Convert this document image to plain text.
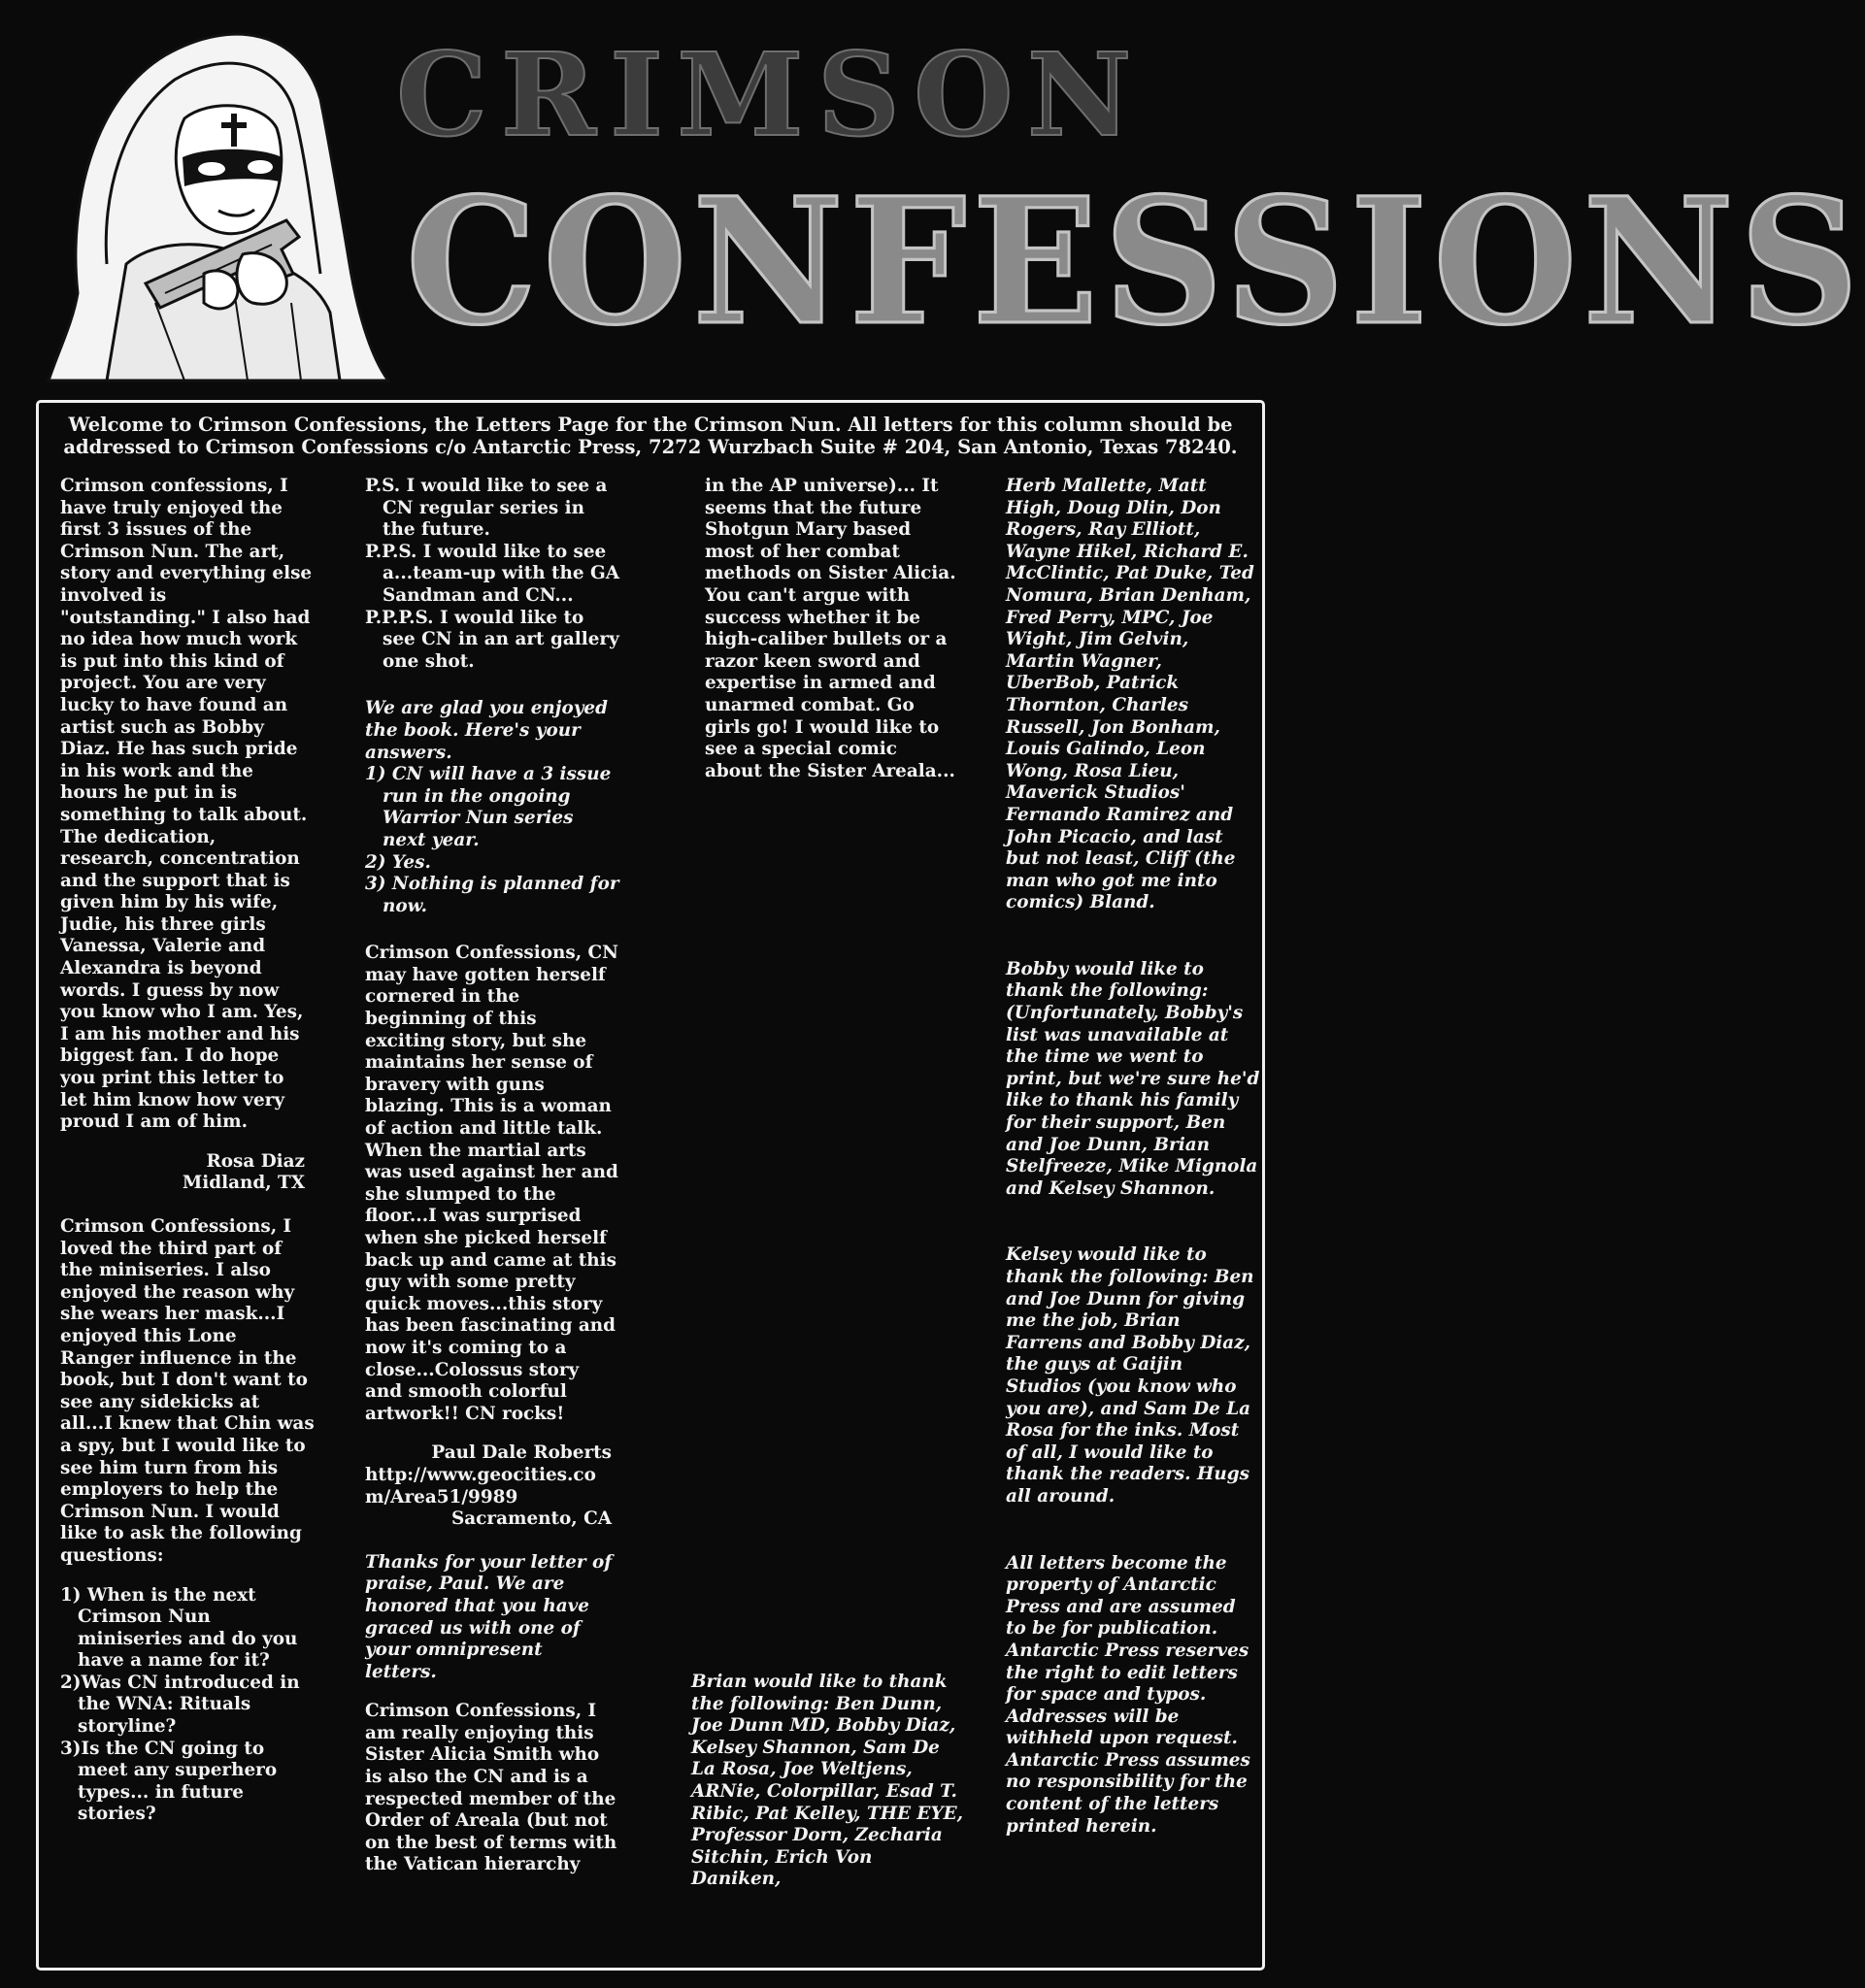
CRIMSON
CONFESSIONS
Welcome to Crimson Confessions, the Letters Page for the Crimson Nun. All letters for this column should be addressed to Crimson Confessions c/o Antarctic Press, 7272 Wurzbach Suite # 204, San Antonio, Texas 78240.

Crimson confessions, I have truly enjoyed the first 3 issues of the Crimson Nun. The art, story and everything else involved is "outstanding." I also had no idea how much work is put into this kind of project. You are very lucky to have found an artist such as Bobby Diaz. He has such pride in his work and the hours he put in is something to talk about. The dedication, research, concentration and the support that is given him by his wife, Judie, his three girls Vanessa, Valerie and Alexandra is beyond words. I guess by now you know who I am. Yes, I am his mother and his biggest fan. I do hope you print this letter to let him know how very proud I am of him.

Rosa Diaz
Midland, TX

Crimson Confessions, I loved the third part of the miniseries. I also enjoyed the reason why she wears her mask...I enjoyed this Lone Ranger influence in the book, but I don't want to see any sidekicks at all...I knew that Chin was a spy, but I would like to see him turn from his employers to help the Crimson Nun. I would like to ask the following questions:

1) When is the next Crimson Nun miniseries and do you have a name for it?
2)Was CN introduced in the WNA: Rituals storyline?
3)Is the CN going to meet any superhero types... in future stories?
P.S. I would like to see a CN regular series in the future.
P.P.S. I would like to see a...team-up with the GA Sandman and CN...
P.P.P.S. I would like to see CN in an art gallery one shot.

We are glad you enjoyed the book. Here's your answers.

1) CN will have a 3 issue run in the ongoing Warrior Nun series next year.
2) Yes.
3) Nothing is planned for now.

Crimson Confessions, CN may have gotten herself cornered in the beginning of this exciting story, but she maintains her sense of bravery with guns blazing. This is a woman of action and little talk. When the martial arts was used against her and she slumped to the floor...I was surprised when she picked herself back up and came at this guy with some pretty quick moves...this story has been fascinating and now it's coming to a close...Colossus story and smooth colorful artwork!! CN rocks!

Paul Dale Roberts
http://www.geocities.com/Area51/9989
Sacramento, CA

Thanks for your letter of praise, Paul. We are honored that you have graced us with one of your omnipresent letters.

Crimson Confessions, I am really enjoying this Sister Alicia Smith who is also the CN and is a respected member of the Order of Areala (but not on the best of terms with the Vatican hierarchy

in the AP universe)... It seems that the future Shotgun Mary based most of her combat methods on Sister Alicia. You can't argue with success whether it be high-caliber bullets or a razor keen sword and expertise in armed and unarmed combat. Go girls go! I would like to see a special comic about the Sister Areala...

Brian would like to thank the following: Ben Dunn, Joe Dunn MD, Bobby Diaz, Kelsey Shannon, Sam De La Rosa, Joe Weltjens, ARNie, Colorpillar, Esad T. Ribic, Pat Kelley, THE EYE, Professor Dorn, Zecharia Sitchin, Erich Von Daniken,

Herb Mallette, Matt High, Doug Dlin, Don Rogers, Ray Elliott, Wayne Hikel, Richard E. McClintic, Pat Duke, Ted Nomura, Brian Denham, Fred Perry, MPC, Joe Wight, Jim Gelvin, Martin Wagner, UberBob, Patrick Thornton, Charles Russell, Jon Bonham, Louis Galindo, Leon Wong, Rosa Lieu, Maverick Studios' Fernando Ramirez and John Picacio, and last but not least, Cliff (the man who got me into comics) Bland.

Bobby would like to thank the following: (Unfortunately, Bobby's list was unavailable at the time we went to print, but we're sure he'd like to thank his family for their support, Ben and Joe Dunn, Brian Stelfreeze, Mike Mignola and Kelsey Shannon.

Kelsey would like to thank the following: Ben and Joe Dunn for giving me the job, Brian Farrens and Bobby Diaz, the guys at Gaijin Studios (you know who you are), and Sam De La Rosa for the inks. Most of all, I would like to thank the readers. Hugs all around.

All letters become the property of Antarctic Press and are assumed to be for publication. Antarctic Press reserves the right to edit letters for space and typos. Addresses will be withheld upon request. Antarctic Press assumes no responsibility for the content of the letters printed herein.
